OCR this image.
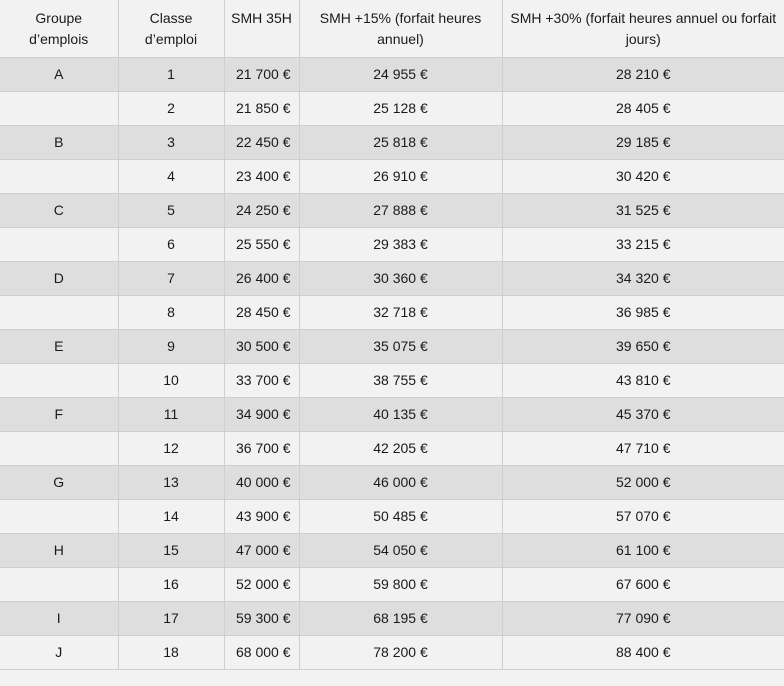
Groupe d’emplois	Classe d’emploi	SMH 35H	SMH +15% (forfait heures annuel)	SMH +30% (forfait heures annuel ou forfait jours)
A	1	21 700 €	24 955 €	28 210 €
	2	21 850 €	25 128 €	28 405 €
B	3	22 450 €	25 818 €	29 185 €
	4	23 400 €	26 910 €	30 420 €
C	5	24 250 €	27 888 €	31 525 €
	6	25 550 €	29 383 €	33 215 €
D	7	26 400 €	30 360 €	34 320 €
	8	28 450 €	32 718 €	36 985 €
E	9	30 500 €	35 075 €	39 650 €
	10	33 700 €	38 755 €	43 810 €
F	11	34 900 €	40 135 €	45 370 €
	12	36 700 €	42 205 €	47 710 €
G	13	40 000 €	46 000 €	52 000 €
	14	43 900 €	50 485 €	57 070 €
H	15	47 000 €	54 050 €	61 100 €
	16	52 000 €	59 800 €	67 600 €
I	17	59 300 €	68 195 €	77 090 €
J	18	68 000 €	78 200 €	88 400 €
